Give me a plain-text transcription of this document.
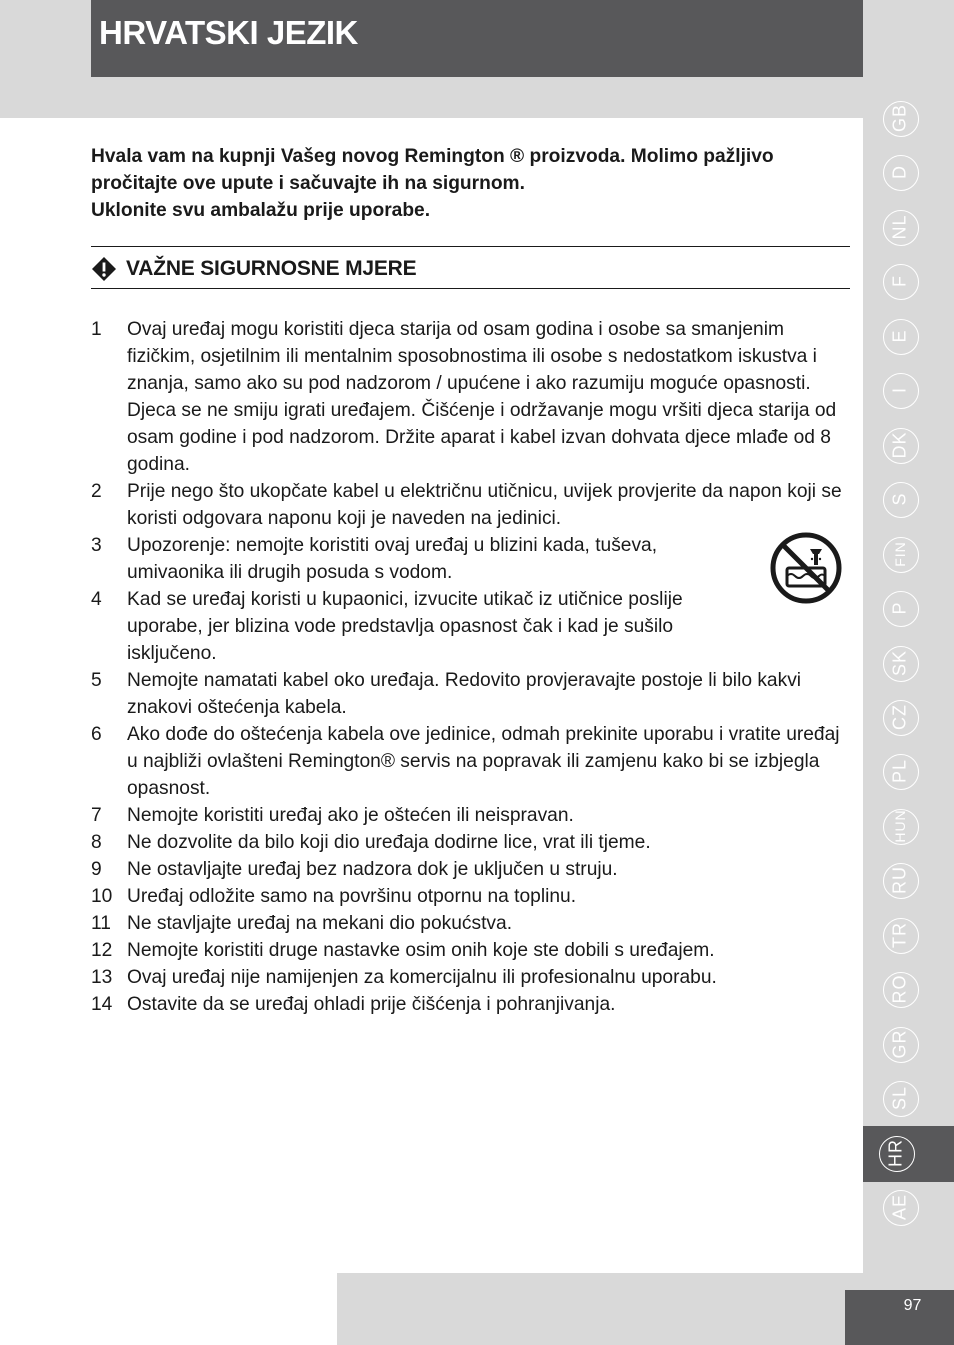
HRVATSKI JEZIK
Hvala vam na kupnji Vašeg novog Remington ® proizvoda. Molimo pažljivo pročitajte ove upute i sačuvajte ih na sigurnom.
Uklonite svu ambalažu prije uporabe.
VAŽNE SIGURNOSNE MJERE
1	Ovaj uređaj mogu koristiti djeca starija od osam godina i osobe sa smanjenim fizičkim, osjetilnim ili mentalnim sposobnostima ili osobe s nedostatkom iskustva i znanja, samo ako su pod nadzorom / upućene i ako razumiju moguće opasnosti. Djeca se ne smiju igrati uređajem. Čišćenje i održavanje mogu vršiti djeca starija od osam godine i pod nadzorom. Držite aparat i kabel izvan dohvata djece mlađe od 8 godina.
2	Prije nego što ukopčate kabel u električnu utičnicu, uvijek provjerite da napon koji se koristi odgovara naponu koji je naveden na jedinici.
3	Upozorenje: nemojte koristiti ovaj uređaj u blizini kada, tuševa, umivaonika ili drugih posuda s vodom.
4	Kad se uređaj koristi u kupaonici, izvucite utikač iz utičnice poslije uporabe, jer blizina vode predstavlja opasnost čak i kad je sušilo isključeno.
5	Nemojte namatati kabel oko uređaja. Redovito provjeravajte postoje li bilo kakvi znakovi oštećenja kabela.
6	Ako dođe do oštećenja kabela ove jedinice, odmah prekinite uporabu i vratite uređaj u najbliži ovlašteni Remington® servis na popravak ili zamjenu kako bi se izbjegla opasnost.
7	Nemojte koristiti uređaj ako je oštećen ili neispravan.
8	Ne dozvolite da bilo koji dio uređaja dodirne lice, vrat ili tjeme.
9	Ne ostavljajte uređaj bez nadzora dok je uključen u struju.
10 Uređaj odložite samo na površinu otpornu na toplinu.
11 Ne stavljajte uređaj na mekani dio pokućstva.
12 Nemojte koristiti druge nastavke osim onih koje ste dobili s uređajem.
13 Ovaj uređaj nije namijenjen za komercijalnu ili profesionalnu uporabu.
14 Ostavite da se uređaj ohladi prije čišćenja i pohranjivanja.
GB
D
NL
F
E
I
DK
S
FIN
P
SK
CZ
PL
HUN
RU
TR
RO
GR
SL
HR
AE
97
